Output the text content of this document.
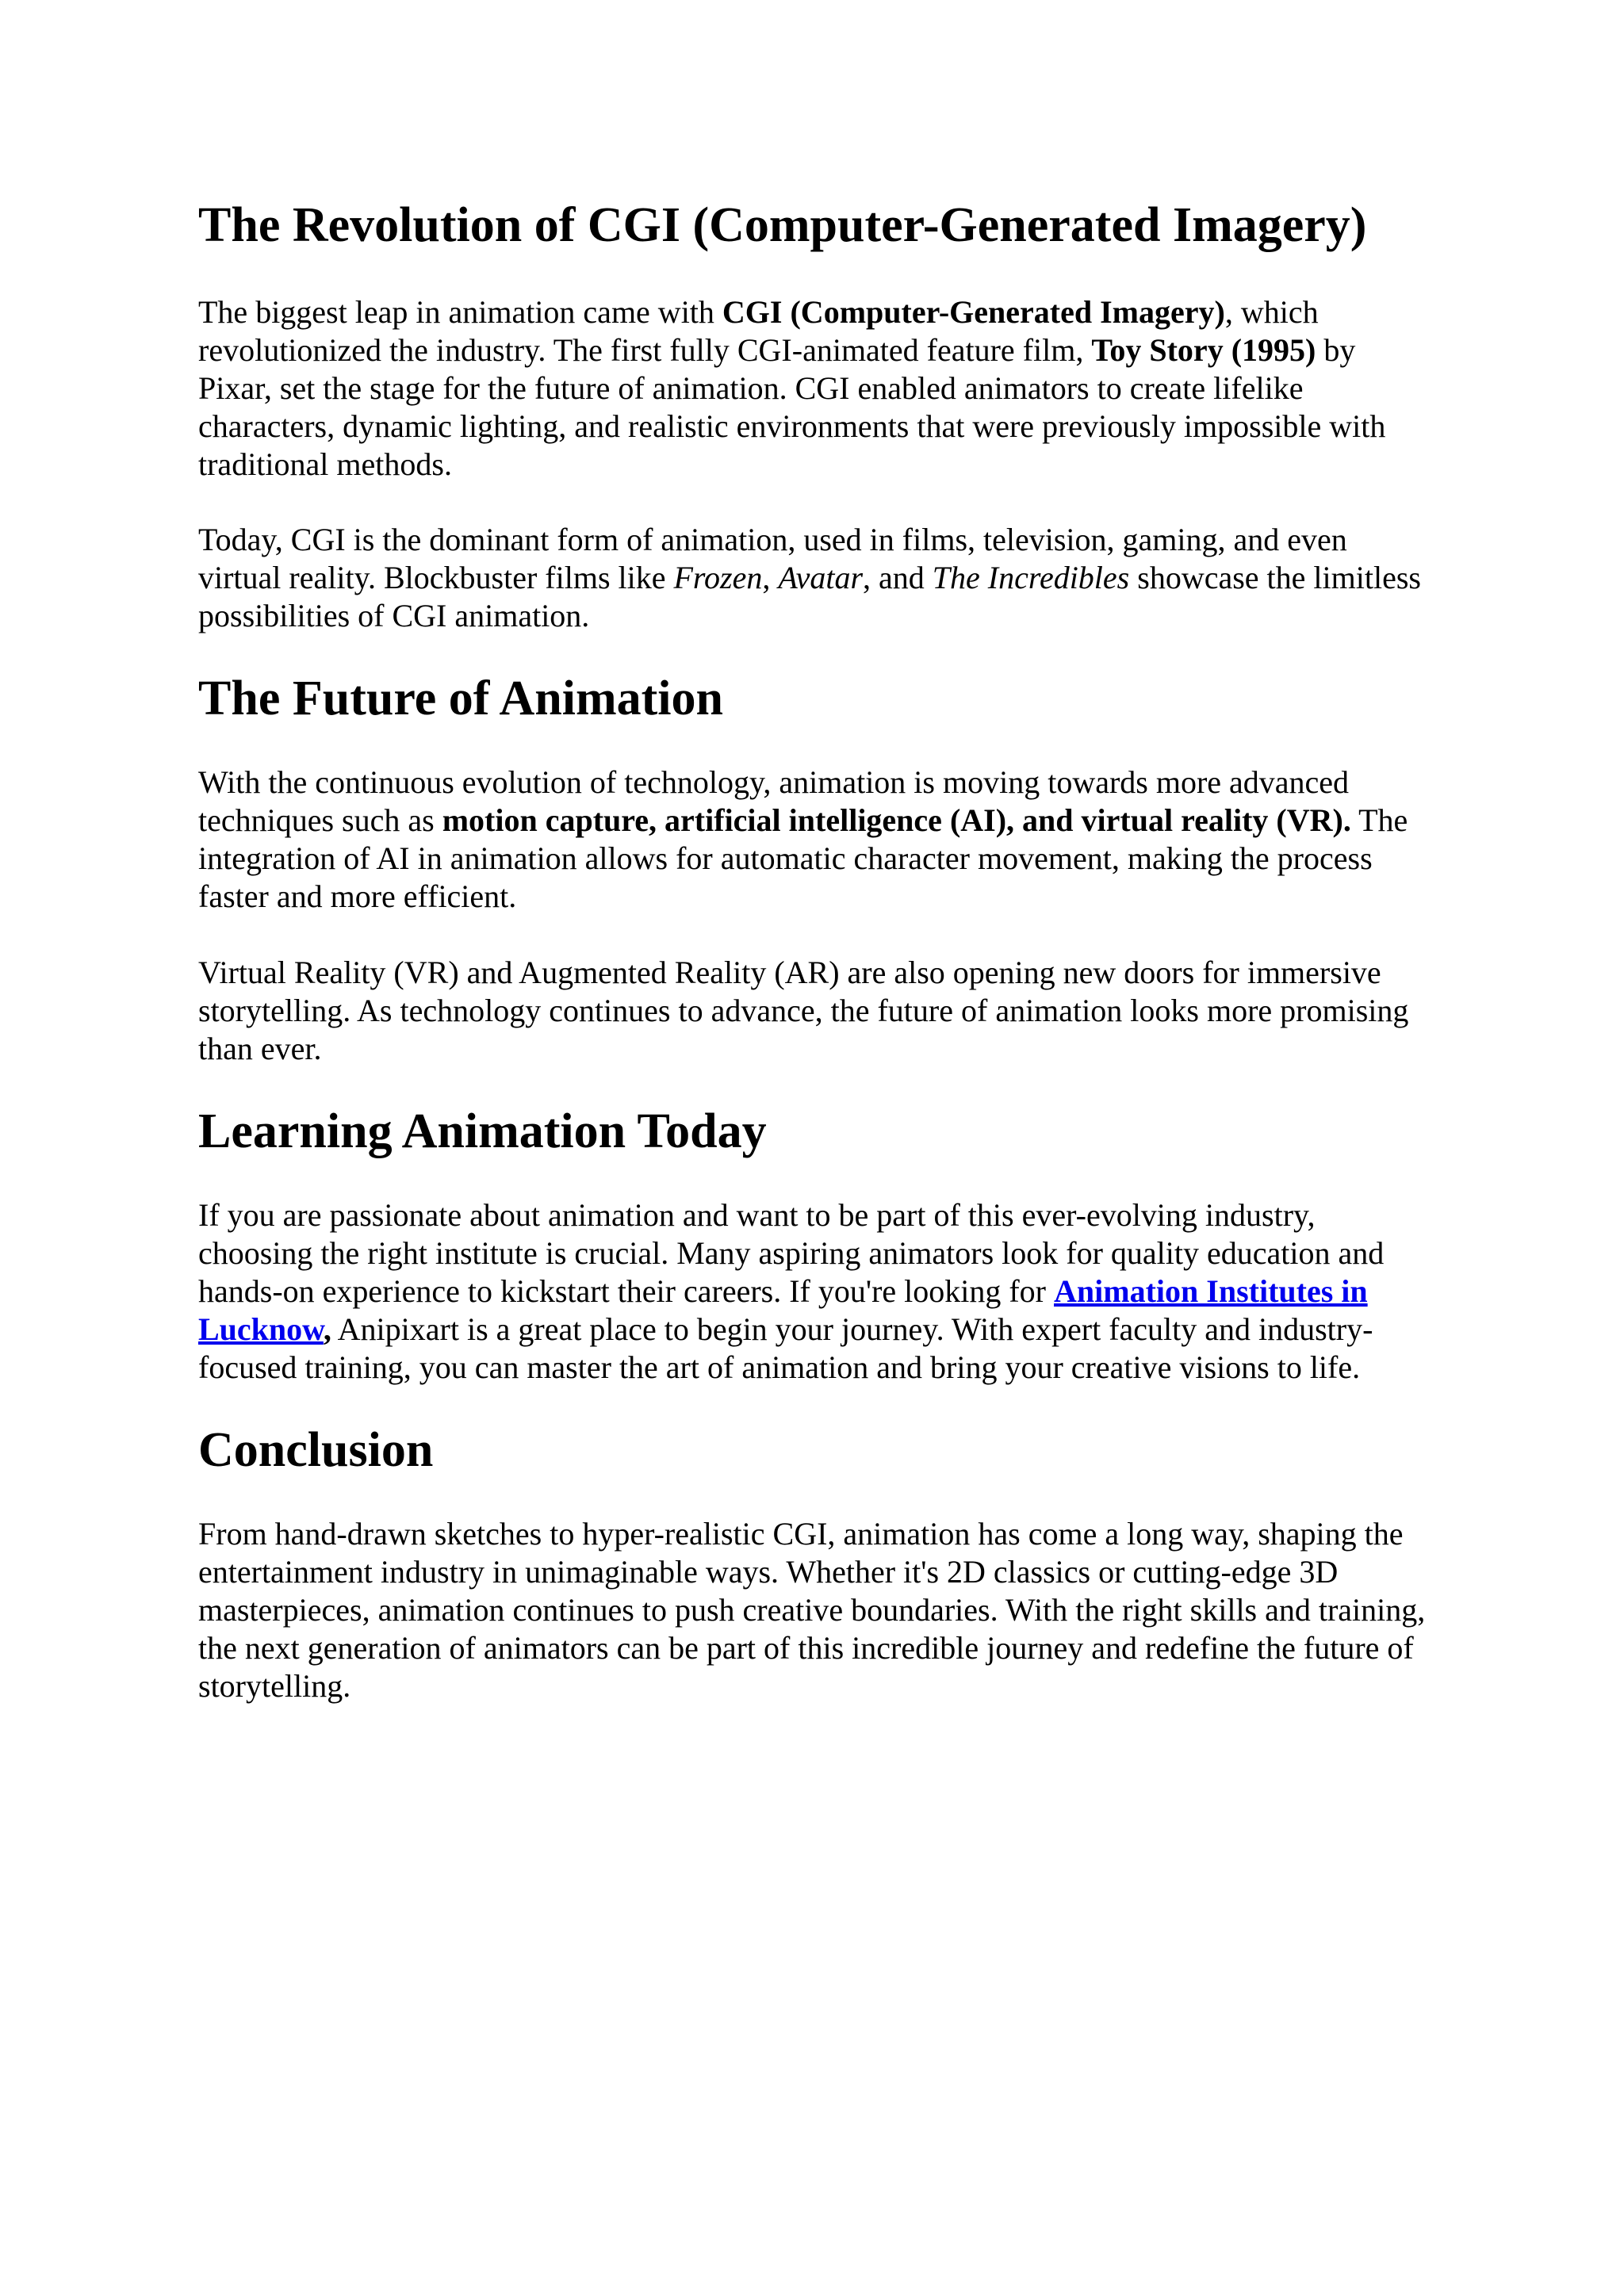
The Revolution of CGI (Computer-Generated Imagery)

The biggest leap in animation came with CGI (Computer-Generated Imagery), which revolutionized the industry. The first fully CGI-animated feature film, Toy Story (1995) by Pixar, set the stage for the future of animation. CGI enabled animators to create lifelike characters, dynamic lighting, and realistic environments that were previously impossible with traditional methods.

Today, CGI is the dominant form of animation, used in films, television, gaming, and even virtual reality. Blockbuster films like Frozen, Avatar, and The Incredibles showcase the limitless possibilities of CGI animation.

The Future of Animation

With the continuous evolution of technology, animation is moving towards more advanced techniques such as motion capture, artificial intelligence (AI), and virtual reality (VR). The integration of AI in animation allows for automatic character movement, making the process faster and more efficient.

Virtual Reality (VR) and Augmented Reality (AR) are also opening new doors for immersive storytelling. As technology continues to advance, the future of animation looks more promising than ever.

Learning Animation Today

If you are passionate about animation and want to be part of this ever-evolving industry, choosing the right institute is crucial. Many aspiring animators look for quality education and hands-on experience to kickstart their careers. If you're looking for Animation Institutes in Lucknow, Anipixart is a great place to begin your journey. With expert faculty and industry-focused training, you can master the art of animation and bring your creative visions to life.

Conclusion

From hand-drawn sketches to hyper-realistic CGI, animation has come a long way, shaping the entertainment industry in unimaginable ways. Whether it's 2D classics or cutting-edge 3D masterpieces, animation continues to push creative boundaries. With the right skills and training, the next generation of animators can be part of this incredible journey and redefine the future of storytelling.
